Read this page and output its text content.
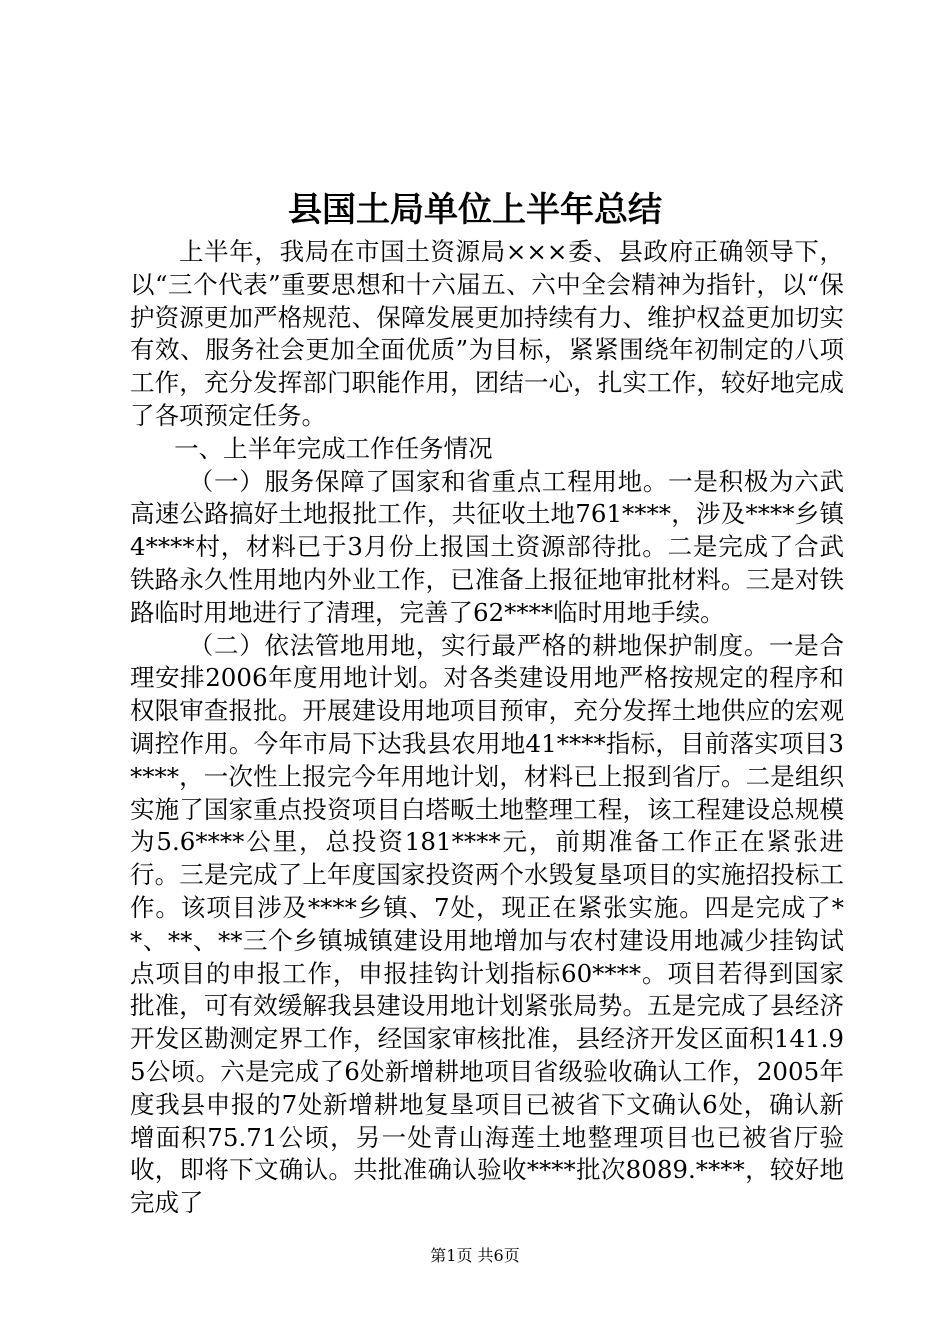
县国土局单位上半年总结

上半年，我局在市国土资源局×××委、县政府正确领导下，以“三个代表”重要思想和十六届五、六中全会精神为指针，以“保护资源更加严格规范、保障发展更加持续有力、维护权益更加切实有效、服务社会更加全面优质”为目标，紧紧围绕年初制定的八项工作，充分发挥部门职能作用，团结一心，扎实工作，较好地完成了各项预定任务。

一、上半年完成工作任务情况

（一）服务保障了国家和省重点工程用地。一是积极为六武高速公路搞好土地报批工作，共征收土地761****，涉及****乡镇4****村，材料已于3月份上报国土资源部待批。二是完成了合武铁路永久性用地内外业工作，已准备上报征地审批材料。三是对铁路临时用地进行了清理，完善了62****临时用地手续。

（二）依法管地用地，实行最严格的耕地保护制度。一是合理安排2006年度用地计划。对各类建设用地严格按规定的程序和权限审查报批。开展建设用地项目预审，充分发挥土地供应的宏观调控作用。今年市局下达我县农用地41****指标，目前落实项目3****，一次性上报完今年用地计划，材料已上报到省厅。二是组织实施了国家重点投资项目白塔畈土地整理工程，该工程建设总规模为5.6****公里，总投资181****元，前期准备工作正在紧张进行。三是完成了上年度国家投资两个水毁复垦项目的实施招投标工作。该项目涉及****乡镇、7处，现正在紧张实施。四是完成了**、**、**三个乡镇城镇建设用地增加与农村建设用地减少挂钩试点项目的申报工作，申报挂钩计划指标60****。项目若得到国家批准，可有效缓解我县建设用地计划紧张局势。五是完成了县经济开发区勘测定界工作，经国家审核批准，县经济开发区面积141.95公顷。六是完成了6处新增耕地项目省级验收确认工作，2005年度我县申报的7处新增耕地复垦项目已被省下文确认6处，确认新增面积75.71公顷，另一处青山海莲土地整理项目也已被省厅验收，即将下文确认。共批准确认验收****批次8089.****，较好地完成了

第1页 共6页
